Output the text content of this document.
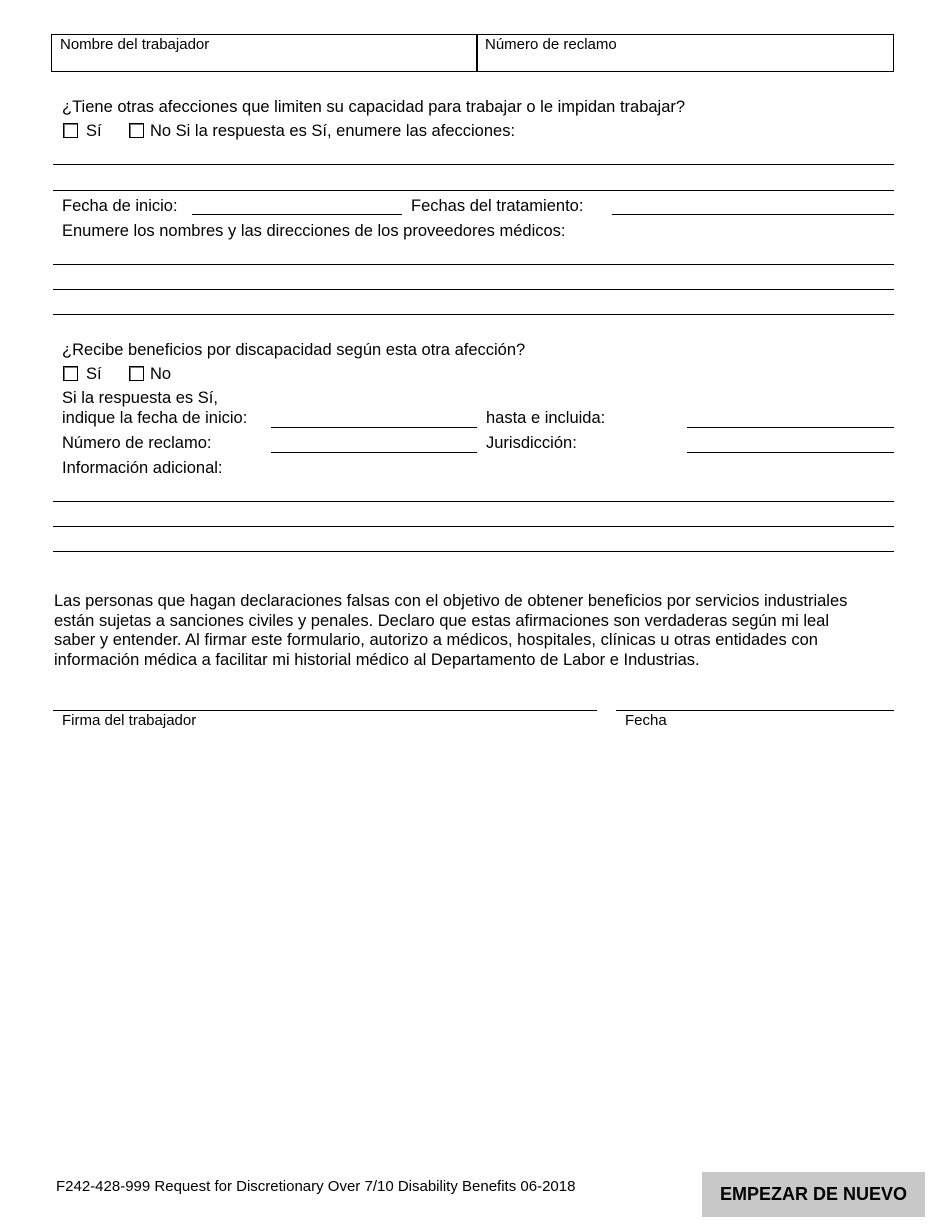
Nombre del trabajador	Número de reclamo
¿Tiene otras afecciones que limiten su capacidad para trabajar o le impidan trabajar?
Sí	No Si la respuesta es Sí, enumere las afecciones:
Fecha de inicio:	Fechas del tratamiento:
Enumere los nombres y las direcciones de los proveedores médicos:
¿Recibe beneficios por discapacidad según esta otra afección?
Sí	No
Si la respuesta es Sí,
indique la fecha de inicio:	hasta e incluida:
Número de reclamo:	Jurisdicción:
Información adicional:
Las personas que hagan declaraciones falsas con el objetivo de obtener beneficios por servicios industriales
están sujetas a sanciones civiles y penales. Declaro que estas afirmaciones son verdaderas según mi leal
saber y entender. Al firmar este formulario, autorizo a médicos, hospitales, clínicas u otras entidades con
información médica a facilitar mi historial médico al Departamento de Labor e Industrias.
Firma del trabajador	Fecha
F242-428-999 Request for Discretionary Over 7/10 Disability Benefits 06-2018	EMPEZAR DE NUEVO
